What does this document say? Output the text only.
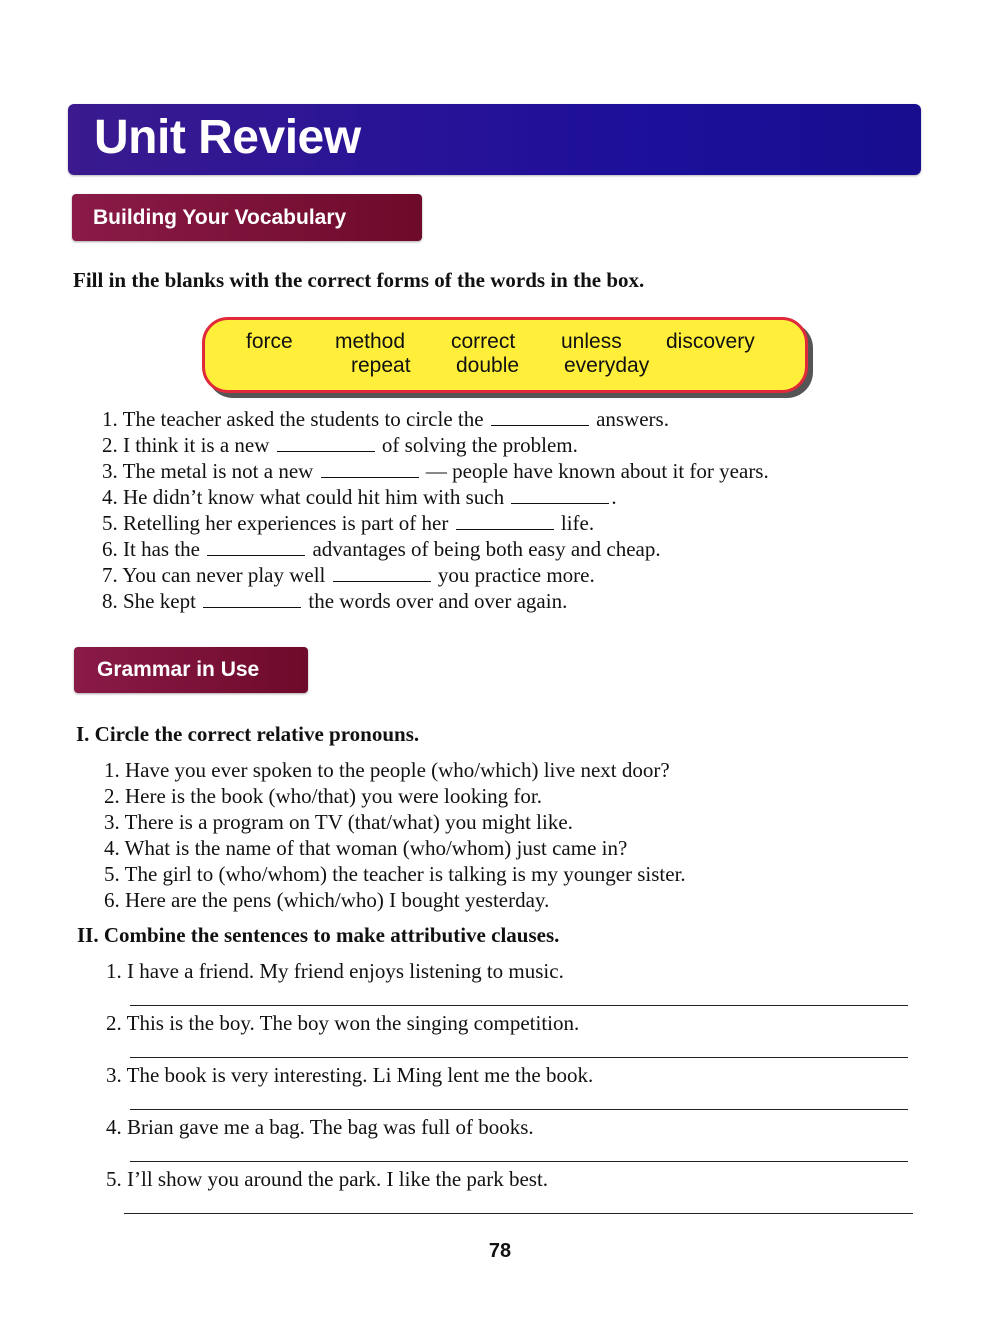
Unit Review
Building Your Vocabulary
Fill in the blanks with the correct forms of the words in the box.
force method correct unless discovery
repeat double everyday
1. The teacher asked the students to circle the	answers.
2. I think it is a new	of solving the problem.
3. The metal is not a new	— people have known about it for years.
4. He didn’t know what could hit him with such	.
5. Retelling her experiences is part of her	life.
6. It has the	advantages of being both easy and cheap.
7. You can never play well	you practice more.
8. She kept	the words over and over again.
Grammar in Use
I. Circle the correct relative pronouns.
1. Have you ever spoken to the people (who/which) live next door?
2. Here is the book (who/that) you were looking for.
3. There is a program on TV (that/what) you might like.
4. What is the name of that woman (who/whom) just came in?
5. The girl to (who/whom) the teacher is talking is my younger sister.
6. Here are the pens (which/who) I bought yesterday.
II. Combine the sentences to make attributive clauses.
1. I have a friend. My friend enjoys listening to music.
2. This is the boy. The boy won the singing competition.
3. The book is very interesting. Li Ming lent me the book.
4. Brian gave me a bag. The bag was full of books.
5. I’ll show you around the park. I like the park best.
78
